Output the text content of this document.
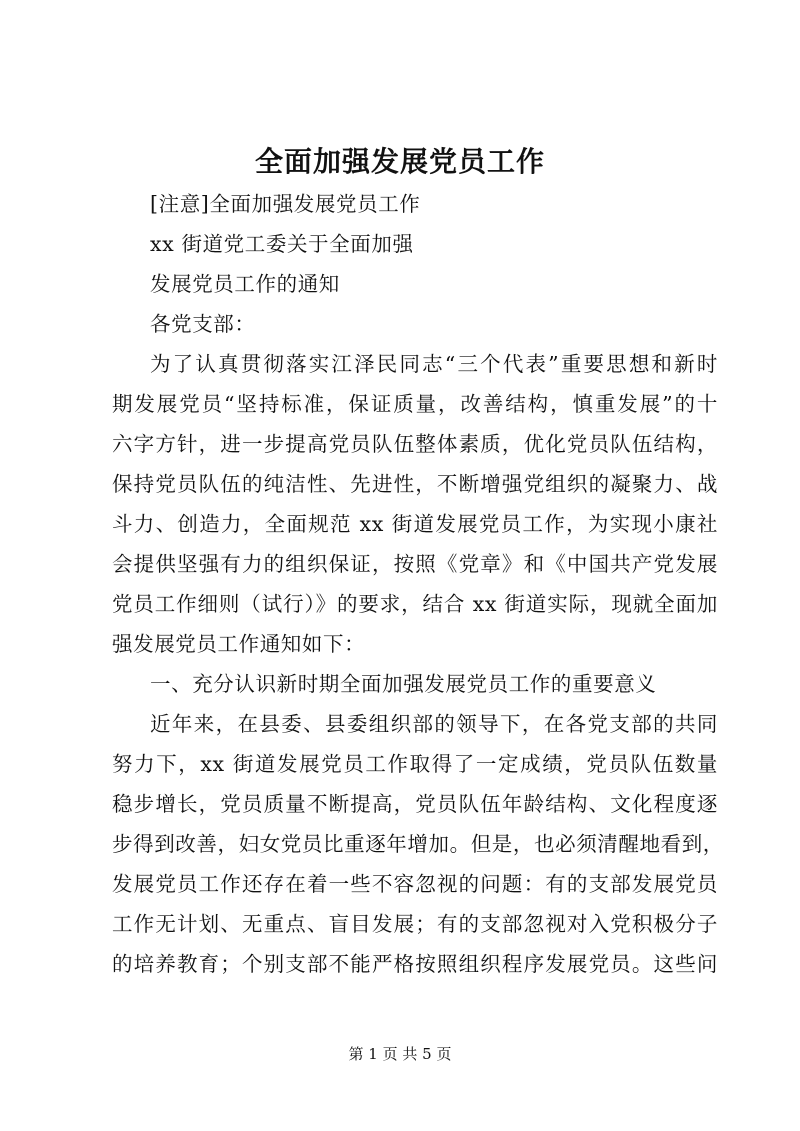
全面加强发展党员工作
[注意]全面加强发展党员工作
xx 街道党工委关于全面加强
发展党员工作的通知
各党支部：
为了认真贯彻落实江泽民同志“三个代表”重要思想和新时
期发展党员“坚持标准，保证质量，改善结构，慎重发展”的十
六字方针，进一步提高党员队伍整体素质，优化党员队伍结构，
保持党员队伍的纯洁性、先进性，不断增强党组织的凝聚力、战
斗力、创造力，全面规范 xx 街道发展党员工作，为实现小康社
会提供坚强有力的组织保证，按照《党章》和《中国共产党发展
党员工作细则（试行）》的要求，结合 xx 街道实际，现就全面加
强发展党员工作通知如下：
一、充分认识新时期全面加强发展党员工作的重要意义
近年来，在县委、县委组织部的领导下，在各党支部的共同
努力下，xx 街道发展党员工作取得了一定成绩，党员队伍数量
稳步增长，党员质量不断提高，党员队伍年龄结构、文化程度逐
步得到改善，妇女党员比重逐年增加。但是，也必须清醒地看到，
发展党员工作还存在着一些不容忽视的问题：有的支部发展党员
工作无计划、无重点、盲目发展；有的支部忽视对入党积极分子
的培养教育；个别支部不能严格按照组织程序发展党员。这些问
第 1 页 共 5 页
